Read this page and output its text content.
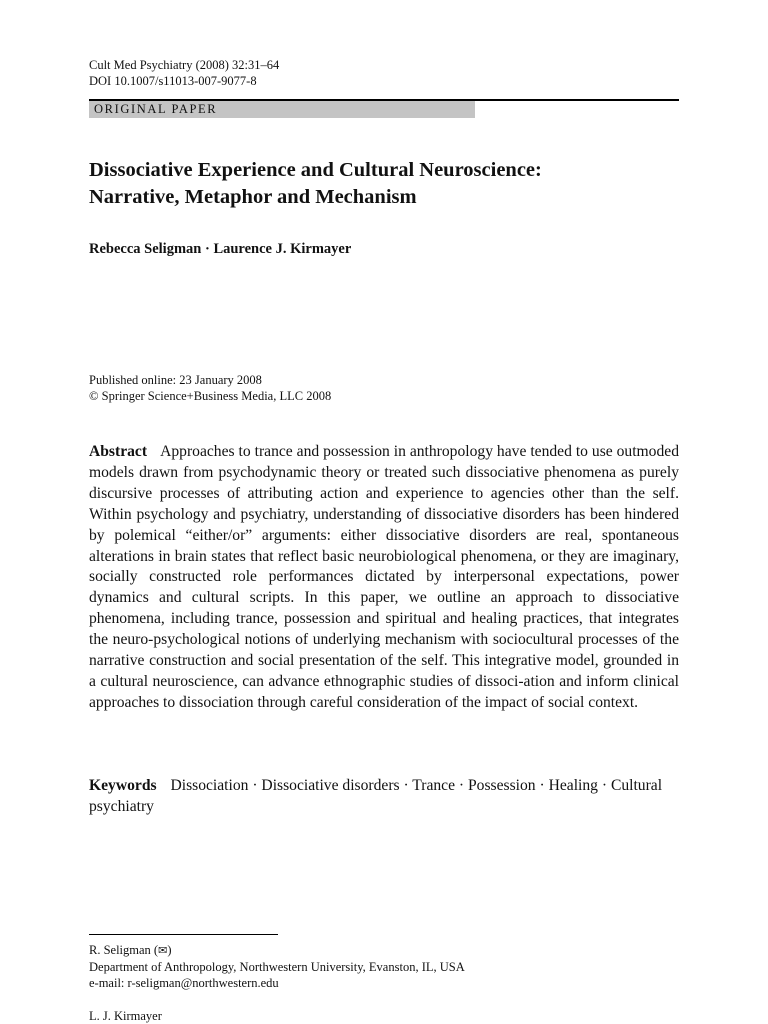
Cult Med Psychiatry (2008) 32:31–64
DOI 10.1007/s11013-007-9077-8
ORIGINAL PAPER
Dissociative Experience and Cultural Neuroscience:
Narrative, Metaphor and Mechanism
Rebecca Seligman · Laurence J. Kirmayer
Published online: 23 January 2008
© Springer Science+Business Media, LLC 2008
Abstract Approaches to trance and possession in anthropology have tended to use outmoded models drawn from psychodynamic theory or treated such dissociative phenomena as purely discursive processes of attributing action and experience to agencies other than the self. Within psychology and psychiatry, understanding of dissociative disorders has been hindered by polemical “either/or” arguments: either dissociative disorders are real, spontaneous alterations in brain states that reflect basic neurobiological phenomena, or they are imaginary, socially constructed role performances dictated by interpersonal expectations, power dynamics and cultural scripts. In this paper, we outline an approach to dissociative phenomena, including trance, possession and spiritual and healing practices, that integrates the neuro-psychological notions of underlying mechanism with sociocultural processes of the narrative construction and social presentation of the self. This integrative model, grounded in a cultural neuroscience, can advance ethnographic studies of dissoci-ation and inform clinical approaches to dissociation through careful consideration of the impact of social context.
Keywords Dissociation · Dissociative disorders · Trance · Possession · Healing · Cultural psychiatry
R. Seligman (✉)
Department of Anthropology, Northwestern University, Evanston, IL, USA
e-mail: r-seligman@northwestern.edu
L. J. Kirmayer
